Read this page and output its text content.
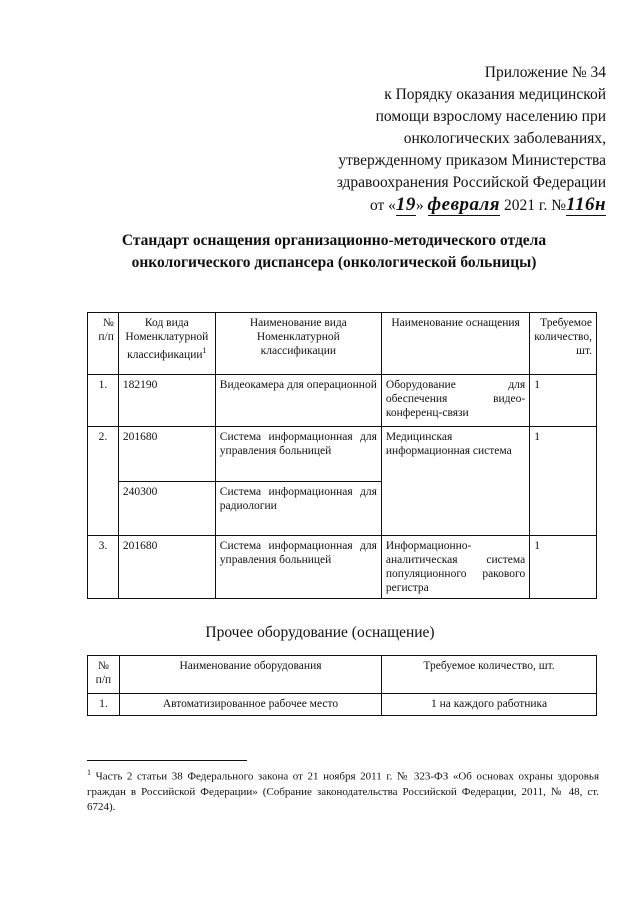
Приложение № 34
к Порядку оказания медицинской
помощи взрослому населению при
онкологических заболеваниях,
утвержденному приказом Министерства
здравоохранения Российской Федерации
от «19» февраля 2021 г. №116н
Стандарт оснащения организационно-методического отдела
онкологического диспансера (онкологической больницы)
№ п/п	Код вида Номенклатурной классификации$^1$	Наименование вида Номенклатурной классификации	Наименование оснащения	Требуемое количество, шт.
1.	182190	Видеокамера для операционной	Оборудование для обеспечения видео-конференц-связи	1
2.	201680	Система информационная для управления больницей	Медицинская информационная система	1
	240300	Система информационная для радиологии		
3.	201680	Система информационная для управления больницей	Информационно-аналитическая система популяционного ракового регистра	1
Прочее оборудование (оснащение)
№ п/п	Наименование оборудования	Требуемое количество, шт.
1.	Автоматизированное рабочее место	1 на каждого работника
$^1$ Часть 2 статьи 38 Федерального закона от 21 ноября 2011 г. № 323-ФЗ «Об основах охраны здоровья граждан в Российской Федерации» (Собрание законодательства Российской Федерации, 2011, № 48, ст. 6724).
